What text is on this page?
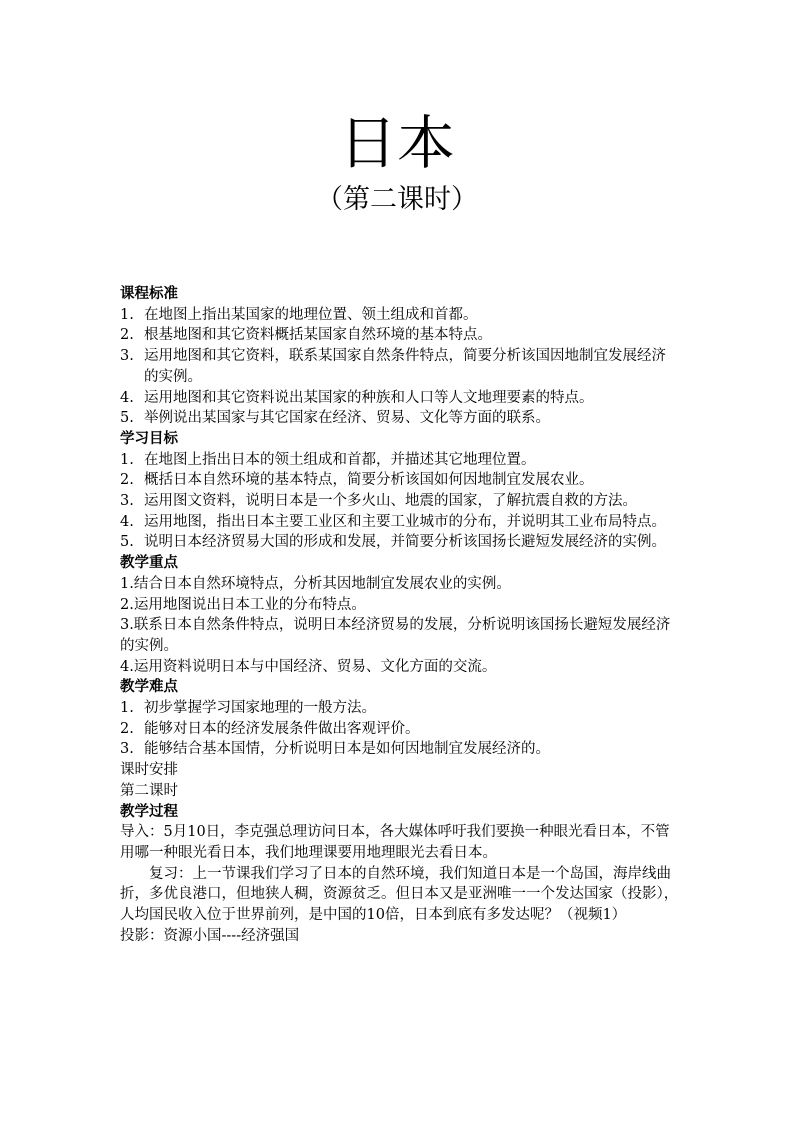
日本
（第二课时）
课程标准
1. 在地图上指出某国家的地理位置、领土组成和首都。
2. 根基地图和其它资料概括某国家自然环境的基本特点。
3. 运用地图和其它资料，联系某国家自然条件特点，简要分析该国因地制宜发展经济的实例。
4. 运用地图和其它资料说出某国家的种族和人口等人文地理要素的特点。
5. 举例说出某国家与其它国家在经济、贸易、文化等方面的联系。
学习目标
1. 在地图上指出日本的领土组成和首都，并描述其它地理位置。
2. 概括日本自然环境的基本特点，简要分析该国如何因地制宜发展农业。
3. 运用图文资料，说明日本是一个多火山、地震的国家，了解抗震自救的方法。
4. 运用地图，指出日本主要工业区和主要工业城市的分布，并说明其工业布局特点。
5. 说明日本经济贸易大国的形成和发展，并简要分析该国扬长避短发展经济的实例。
教学重点
1.结合日本自然环境特点，分析其因地制宜发展农业的实例。
2.运用地图说出日本工业的分布特点。
3.联系日本自然条件特点，说明日本经济贸易的发展，分析说明该国扬长避短发展经济的实例。
4.运用资料说明日本与中国经济、贸易、文化方面的交流。
教学难点
1. 初步掌握学习国家地理的一般方法。
2. 能够对日本的经济发展条件做出客观评价。
3. 能够结合基本国情，分析说明日本是如何因地制宜发展经济的。
课时安排
第二课时
教学过程
导入：5月10日，李克强总理访问日本，各大媒体呼吁我们要换一种眼光看日本，不管用哪一种眼光看日本，我们地理课要用地理眼光去看日本。
复习：上一节课我们学习了日本的自然环境，我们知道日本是一个岛国，海岸线曲折，多优良港口，但地狭人稠，资源贫乏。但日本又是亚洲唯一一个发达国家（投影），人均国民收入位于世界前列，是中国的10倍，日本到底有多发达呢？（视频1）
投影：资源小国----经济强国
